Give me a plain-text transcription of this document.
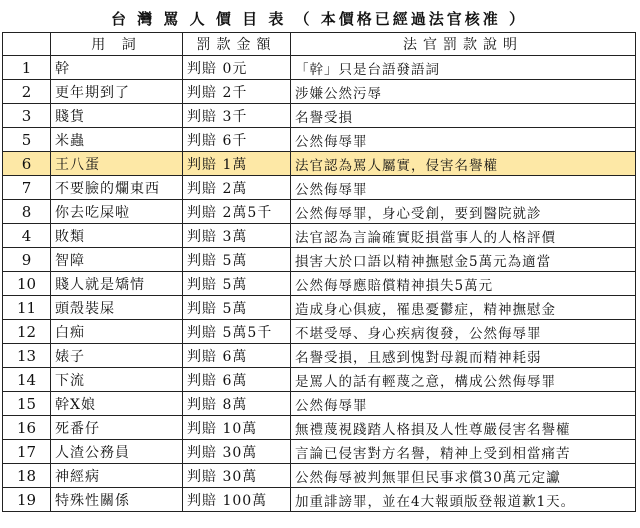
台 灣 罵 人 價 目 表 （ 本價格已經過法官核准 ）
	用 詞	罰款金額	法官罰款說明
1	幹	判賠 0元	「幹」只是台語發語詞
2	更年期到了	判賠 2千	涉嫌公然污辱
3	賤貨	判賠 3千	名譽受損
5	米蟲	判賠 6千	公然侮辱罪
6	王八蛋	判賠 1萬	法官認為罵人屬實，侵害名譽權
7	不要臉的爛東西	判賠 2萬	公然侮辱罪
8	你去吃屎啦	判賠 2萬5千	公然侮辱罪，身心受創，要到醫院就診
4	敗類	判賠 3萬	法官認為言論確實貶損當事人的人格評價
9	智障	判賠 5萬	損害大於口語以精神撫慰金5萬元為適當
10	賤人就是矯情	判賠 5萬	公然侮辱應賠償精神損失5萬元
11	頭殼裝屎	判賠 5萬	造成身心俱疲，罹患憂鬱症，精神撫慰金
12	白痴	判賠 5萬5千	不堪受辱、身心疾病復發，公然侮辱罪
13	婊子	判賠 6萬	名譽受損，且感到愧對母親而精神耗弱
14	下流	判賠 6萬	是罵人的話有輕蔑之意，構成公然侮辱罪
15	幹X娘	判賠 8萬	公然侮辱罪
16	死番仔	判賠 10萬	無禮蔑視踐踏人格損及人性尊嚴侵害名譽權
17	人渣公務員	判賠 30萬	言論已侵害對方名譽，精神上受到相當痛苦
18	神經病	判賠 30萬	公然侮辱被判無罪但民事求償30萬元定讞
19	特殊性關係	判賠 100萬	加重誹謗罪，並在4大報頭版登報道歉1天。
